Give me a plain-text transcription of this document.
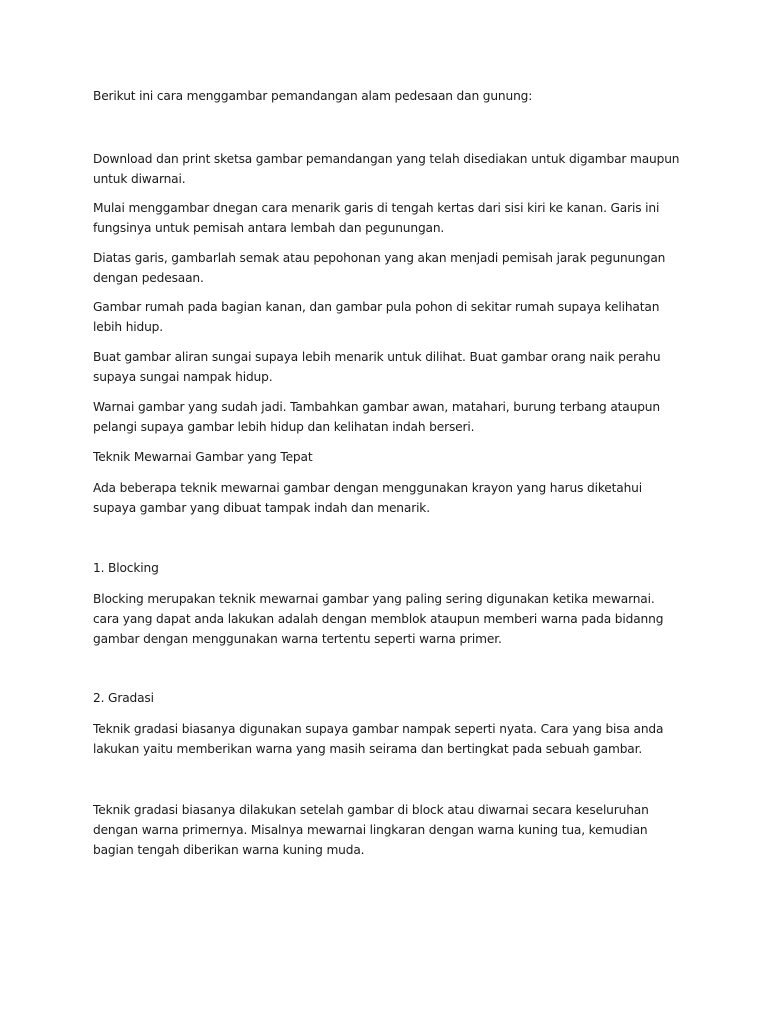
Berikut ini cara menggambar pemandangan alam pedesaan dan gunung:

Download dan print sketsa gambar pemandangan yang telah disediakan untuk digambar maupun untuk diwarnai.

Mulai menggambar dnegan cara menarik garis di tengah kertas dari sisi kiri ke kanan. Garis ini fungsinya untuk pemisah antara lembah dan pegunungan.

Diatas garis, gambarlah semak atau pepohonan yang akan menjadi pemisah jarak pegunungan dengan pedesaan.

Gambar rumah pada bagian kanan, dan gambar pula pohon di sekitar rumah supaya kelihatan lebih hidup.

Buat gambar aliran sungai supaya lebih menarik untuk dilihat. Buat gambar orang naik perahu supaya sungai nampak hidup.

Warnai gambar yang sudah jadi. Tambahkan gambar awan, matahari, burung terbang ataupun pelangi supaya gambar lebih hidup dan kelihatan indah berseri.

Teknik Mewarnai Gambar yang Tepat

Ada beberapa teknik mewarnai gambar dengan menggunakan krayon yang harus diketahui supaya gambar yang dibuat tampak indah dan menarik.

1. Blocking

Blocking merupakan teknik mewarnai gambar yang paling sering digunakan ketika mewarnai. cara yang dapat anda lakukan adalah dengan memblok ataupun memberi warna pada bidanng gambar dengan menggunakan warna tertentu seperti warna primer.

2. Gradasi

Teknik gradasi biasanya digunakan supaya gambar nampak seperti nyata. Cara yang bisa anda lakukan yaitu memberikan warna yang masih seirama dan bertingkat pada sebuah gambar.

Teknik gradasi biasanya dilakukan setelah gambar di block atau diwarnai secara keseluruhan dengan warna primernya. Misalnya mewarnai lingkaran dengan warna kuning tua, kemudian bagian tengah diberikan warna kuning muda.
